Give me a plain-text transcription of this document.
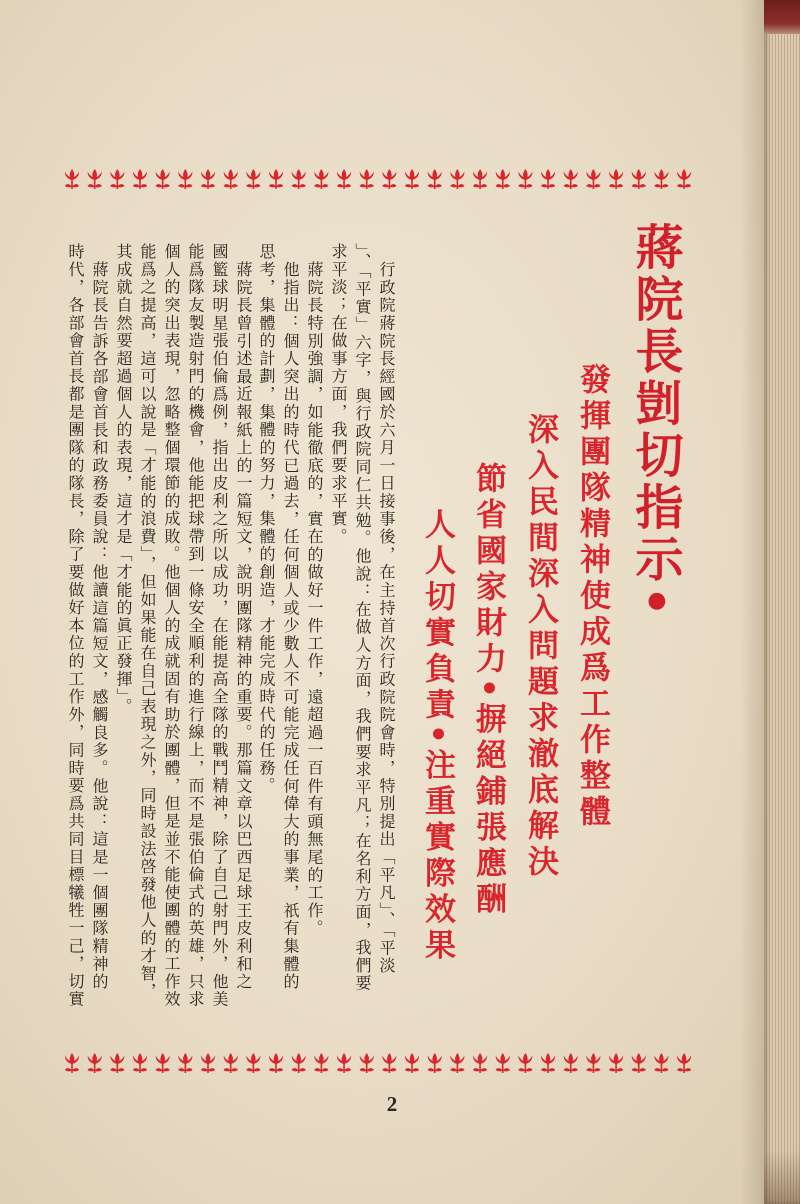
蔣院長剴切指示•
發揮團隊精神使成爲工作整體
深入民間深入問題求澈底解決
節省國家財力•摒絕鋪張應酬
人人切實負責•注重實際效果
行政院蔣院長經國於六月一日接事後，在主持首次行政院院會時，特別提出「平凡」、「平淡
」、「平實」六字，與行政院同仁共勉。他說：在做人方面，我們要求平凡；在名利方面，我們要
求平淡；在做事方面，我們要求平實。
蔣院長特別強調，如能徹底的，實在的做好一件工作，遠超過一百件有頭無尾的工作。
他指出：個人突出的時代已過去，任何個人或少數人不可能完成任何偉大的事業，祇有集體的
思考，集體的計劃，集體的努力，集體的創造，才能完成時代的任務。
蔣院長曾引述最近報紙上的一篇短文，說明團隊精神的重要。那篇文章以巴西足球王皮利和之
國籃球明星張伯倫爲例，指出皮利之所以成功，在能提高全隊的戰鬥精神，除了自己射門外，他美
能爲隊友製造射門的機會，他能把球帶到一條安全順利的進行線上，而不是張伯倫式的英雄，只求
個人的突出表現，忽略整個環節的成敗。他個人的成就固有助於團體，但是並不能使團體的工作效
能爲之提高，這可以說是「才能的浪費」，但如果能在自己表現之外，同時設法啓發他人的才智，
其成就自然要超過個人的表現，這才是「才能的眞正發揮」。
蔣院長告訴各部會首長和政務委員說：他讀這篇短文，感觸良多。他說：這是一個團隊精神的
時代，各部會首長都是團隊的隊長，除了要做好本位的工作外，同時要爲共同目標犧牲一己，切實
2
